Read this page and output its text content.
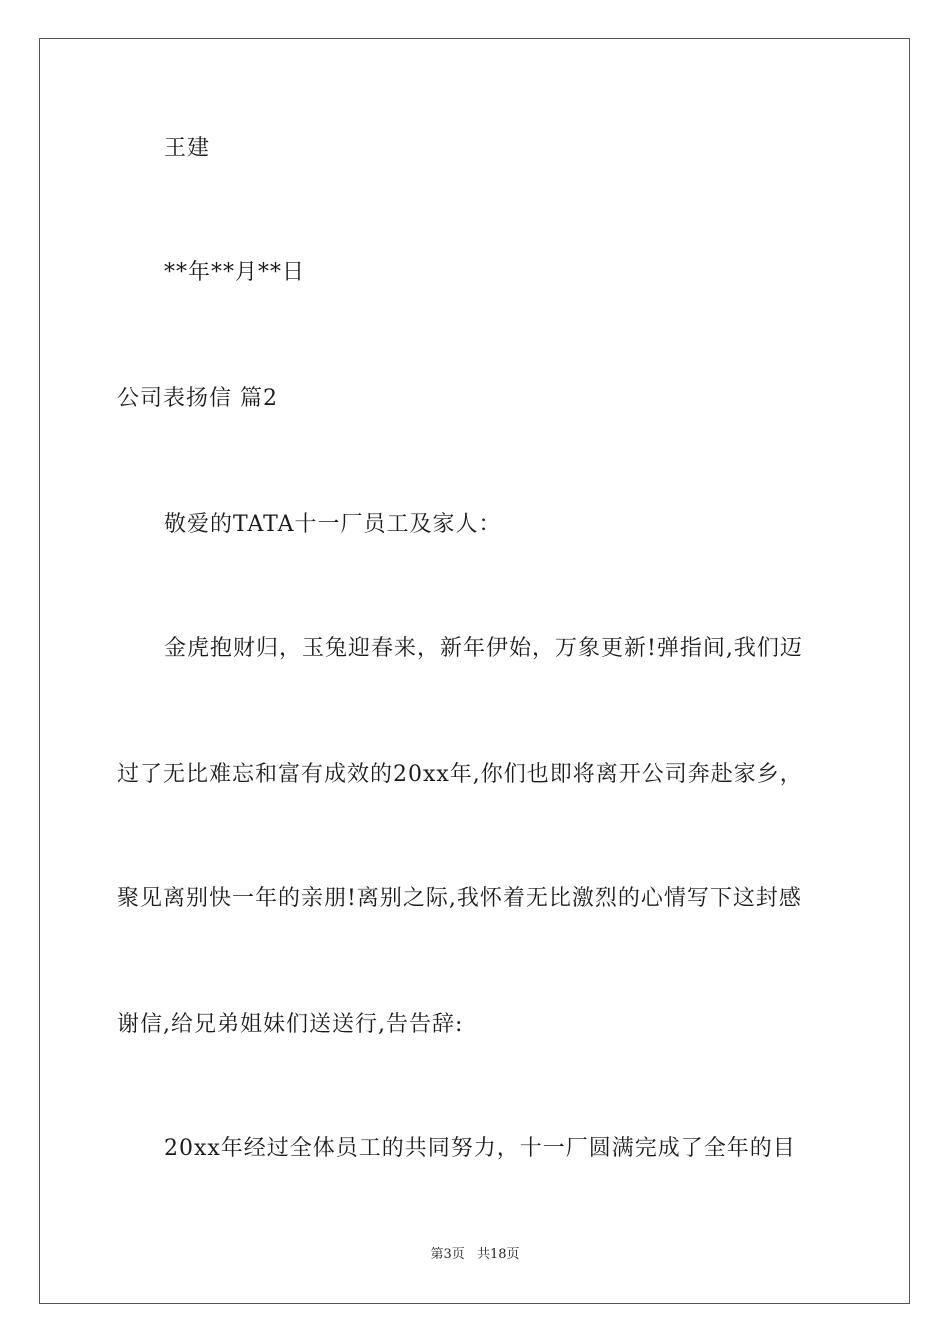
王建
**年**月**日
公司表扬信 篇2
敬爱的TATA十一厂员工及家人：
金虎抱财归，玉兔迎春来，新年伊始，万象更新!弹指间,我们迈
过了无比难忘和富有成效的20xx年,你们也即将离开公司奔赴家乡，
聚见离别快一年的亲朋!离别之际,我怀着无比激烈的心情写下这封感
谢信,给兄弟姐妹们送送行,告告辞:
20xx年经过全体员工的共同努力，十一厂圆满完成了全年的目
第3页 共18页
